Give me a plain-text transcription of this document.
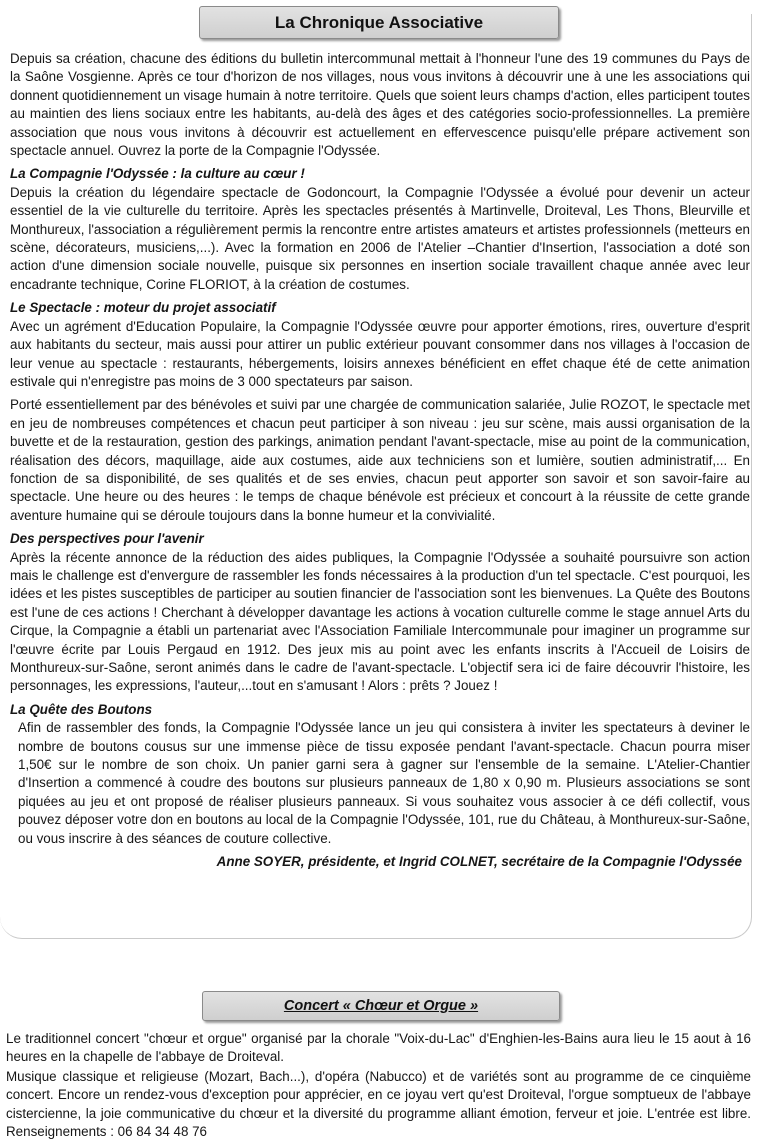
La Chronique Associative

Depuis sa création, chacune des éditions du bulletin intercommunal mettait à l'honneur l'une des 19 communes du Pays de la Saône Vosgienne. Après ce tour d'horizon de nos villages, nous vous invitons à découvrir une à une les associations qui donnent quotidiennement un visage humain à notre territoire. Quels que soient leurs champs d'action, elles participent toutes au maintien des liens sociaux entre les habitants, au-delà des âges et des catégories socio-professionnelles. La première association que nous vous invitons à découvrir est actuellement en effervescence puisqu'elle prépare activement son spectacle annuel. Ouvrez la porte de la Compagnie l'Odyssée.

La Compagnie l'Odyssée : la culture au cœur !

Depuis la création du légendaire spectacle de Godoncourt, la Compagnie l'Odyssée a évolué pour devenir un acteur essentiel de la vie culturelle du territoire. Après les spectacles présentés à Martinvelle, Droiteval, Les Thons, Bleurville et Monthureux, l'association a régulièrement permis la rencontre entre artistes amateurs et artistes professionnels (metteurs en scène, décorateurs, musiciens,...). Avec la formation en 2006 de l'Atelier –Chantier d'Insertion, l'association a doté son action d'une dimension sociale nouvelle, puisque six personnes en insertion sociale travaillent chaque année avec leur encadrante technique, Corine FLORIOT, à la création de costumes.

Le Spectacle : moteur du projet associatif

Avec un agrément d'Education Populaire, la Compagnie l'Odyssée œuvre pour apporter émotions, rires, ouverture d'esprit aux habitants du secteur, mais aussi pour attirer un public extérieur pouvant consommer dans nos villages à l'occasion de leur venue au spectacle : restaurants, hébergements, loisirs annexes bénéficient en effet chaque été de cette animation estivale qui n'enregistre pas moins de 3 000 spectateurs par saison.

Porté essentiellement par des bénévoles et suivi par une chargée de communication salariée, Julie ROZOT, le spectacle met en jeu de nombreuses compétences et chacun peut participer à son niveau : jeu sur scène, mais aussi organisation de la buvette et de la restauration, gestion des parkings, animation pendant l'avant-spectacle, mise au point de la communication, réalisation des décors, maquillage, aide aux costumes, aide aux techniciens son et lumière, soutien administratif,... En fonction de sa disponibilité, de ses qualités et de ses envies, chacun peut apporter son savoir et son savoir-faire au spectacle. Une heure ou des heures : le temps de chaque bénévole est précieux et concourt à la réussite de cette grande aventure humaine qui se déroule toujours dans la bonne humeur et la convivialité.

Des perspectives pour l'avenir

Après la récente annonce de la réduction des aides publiques, la Compagnie l'Odyssée a souhaité poursuivre son action mais le challenge est d'envergure de rassembler les fonds nécessaires à la production d'un tel spectacle. C'est pourquoi, les idées et les pistes susceptibles de participer au soutien financier de l'association sont les bienvenues. La Quête des Boutons est l'une de ces actions ! Cherchant à développer davantage les actions à vocation culturelle comme le stage annuel Arts du Cirque, la Compagnie a établi un partenariat avec l'Association Familiale Intercommunale pour imaginer un programme sur l'œuvre écrite par Louis Pergaud en 1912. Des jeux mis au point avec les enfants inscrits à l'Accueil de Loisirs de Monthureux-sur-Saône, seront animés dans le cadre de l'avant-spectacle. L'objectif sera ici de faire découvrir l'histoire, les personnages, les expressions, l'auteur,...tout en s'amusant ! Alors : prêts ? Jouez !

La Quête des Boutons

Afin de rassembler des fonds, la Compagnie l'Odyssée lance un jeu qui consistera à inviter les spectateurs à deviner le nombre de boutons cousus sur une immense pièce de tissu exposée pendant l'avant-spectacle. Chacun pourra miser 1,50€ sur le nombre de son choix. Un panier garni sera à gagner sur l'ensemble de la semaine. L'Atelier-Chantier d'Insertion a commencé à coudre des boutons sur plusieurs panneaux de 1,80 x 0,90 m. Plusieurs associations se sont piquées au jeu et ont proposé de réaliser plusieurs panneaux. Si vous souhaitez vous associer à ce défi collectif, vous pouvez déposer votre don en boutons au local de la Compagnie l'Odyssée, 101, rue du Château, à Monthureux-sur-Saône, ou vous inscrire à des séances de couture collective.

Anne SOYER, présidente, et Ingrid COLNET, secrétaire de la Compagnie l'Odyssée
Concert « Chœur et Orgue »

Le traditionnel concert "chœur et orgue" organisé par la chorale "Voix-du-Lac" d'Enghien-les-Bains aura lieu le 15 aout à 16 heures en la chapelle de l'abbaye de Droiteval.

Musique classique et religieuse (Mozart, Bach...), d'opéra (Nabucco) et de variétés sont au programme de ce cinquième concert. Encore un rendez-vous d'exception pour apprécier, en ce joyau vert qu'est Droiteval, l'orgue somptueux de l'abbaye cistercienne, la joie communicative du chœur et la diversité du programme alliant émotion, ferveur et joie. L'entrée est libre. Renseignements : 06 84 34 48 76
